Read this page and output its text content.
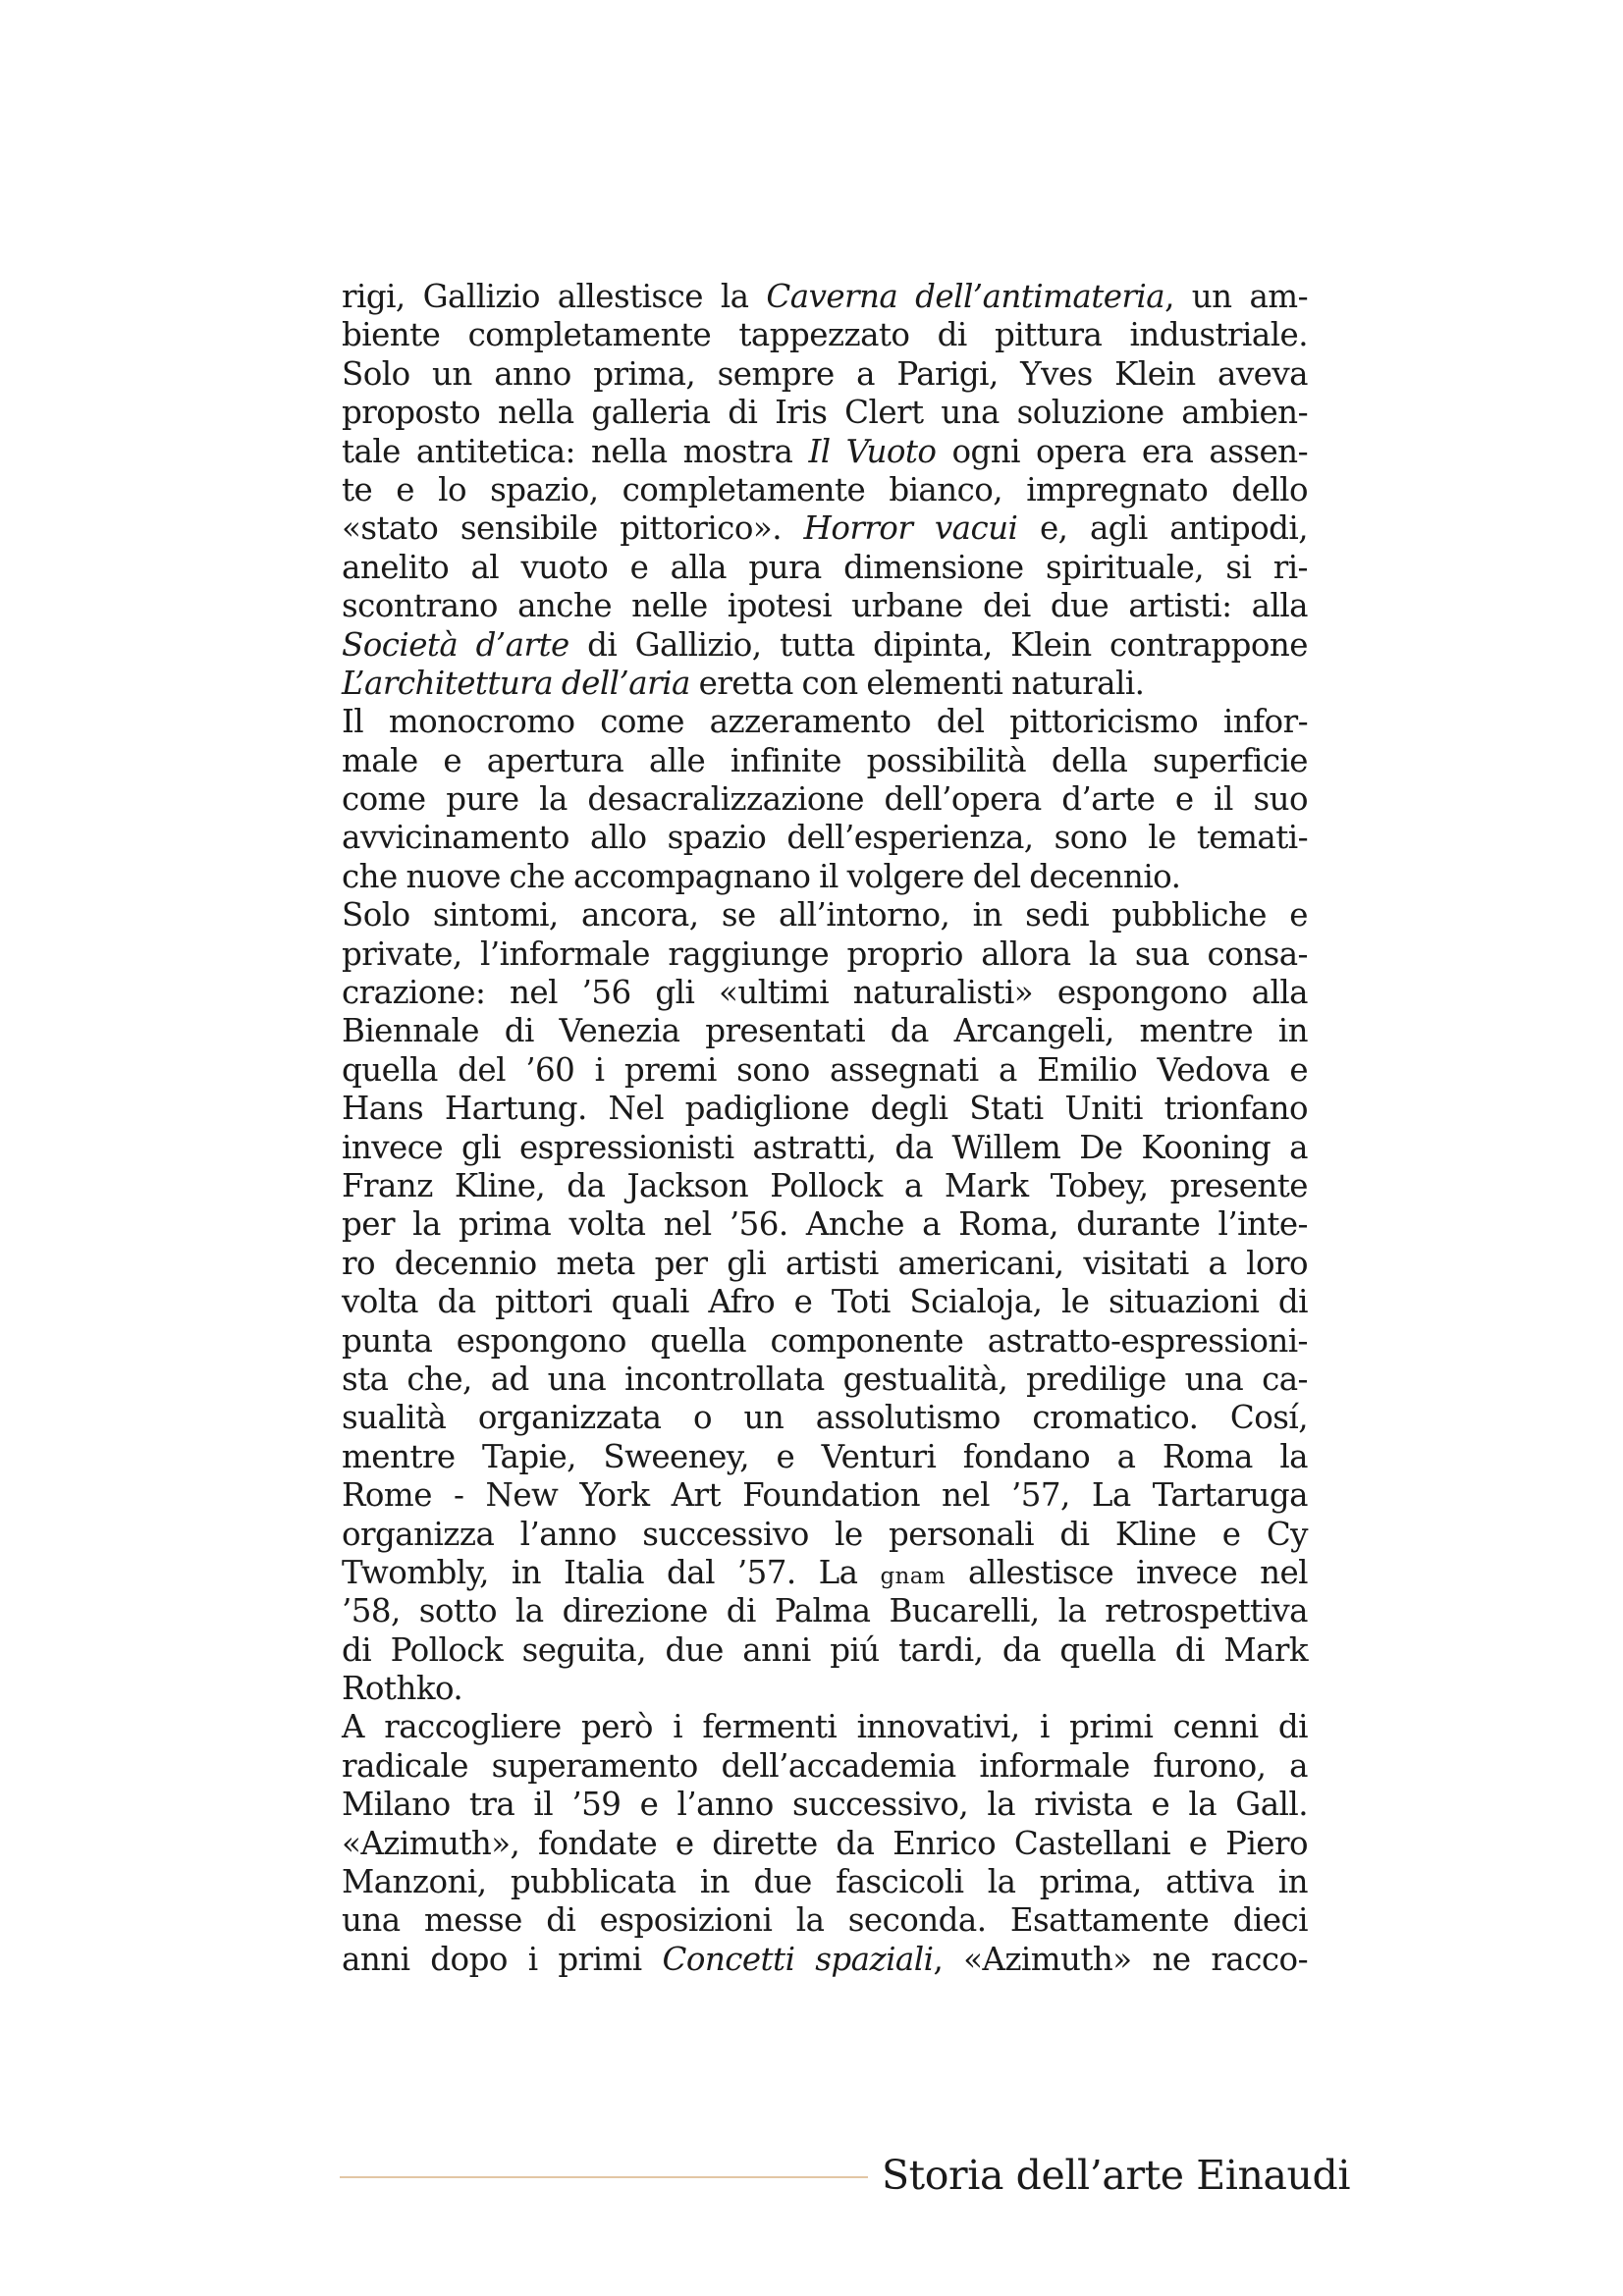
rigi, Gallizio allestisce la Caverna dell’antimateria, un am-
biente completamente tappezzato di pittura industriale.
Solo un anno prima, sempre a Parigi, Yves Klein aveva
proposto nella galleria di Iris Clert una soluzione ambien-
tale antitetica: nella mostra Il Vuoto ogni opera era assen-
te e lo spazio, completamente bianco, impregnato dello
«stato sensibile pittorico». Horror vacui e, agli antipodi,
anelito al vuoto e alla pura dimensione spirituale, si ri-
scontrano anche nelle ipotesi urbane dei due artisti: alla
Società d’arte di Gallizio, tutta dipinta, Klein contrappone
L’architettura dell’aria eretta con elementi naturali.
Il monocromo come azzeramento del pittoricismo infor-
male e apertura alle infinite possibilità della superficie
come pure la desacralizzazione dell’opera d’arte e il suo
avvicinamento allo spazio dell’esperienza, sono le temati-
che nuove che accompagnano il volgere del decennio.
Solo sintomi, ancora, se all’intorno, in sedi pubbliche e
private, l’informale raggiunge proprio allora la sua consa-
crazione: nel ’56 gli «ultimi naturalisti» espongono alla
Biennale di Venezia presentati da Arcangeli, mentre in
quella del ’60 i premi sono assegnati a Emilio Vedova e
Hans Hartung. Nel padiglione degli Stati Uniti trionfano
invece gli espressionisti astratti, da Willem De Kooning a
Franz Kline, da Jackson Pollock a Mark Tobey, presente
per la prima volta nel ’56. Anche a Roma, durante l’inte-
ro decennio meta per gli artisti americani, visitati a loro
volta da pittori quali Afro e Toti Scialoja, le situazioni di
punta espongono quella componente astratto-espressioni-
sta che, ad una incontrollata gestualità, predilige una ca-
sualità organizzata o un assolutismo cromatico. Cosí,
mentre Tapie, Sweeney, e Venturi fondano a Roma la
Rome - New York Art Foundation nel ’57, La Tartaruga
organizza l’anno successivo le personali di Kline e Cy
Twombly, in Italia dal ’57. La gnam allestisce invece nel
’58, sotto la direzione di Palma Bucarelli, la retrospettiva
di Pollock seguita, due anni piú tardi, da quella di Mark
Rothko.
A raccogliere però i fermenti innovativi, i primi cenni di
radicale superamento dell’accademia informale furono, a
Milano tra il ’59 e l’anno successivo, la rivista e la Gall.
«Azimuth», fondate e dirette da Enrico Castellani e Piero
Manzoni, pubblicata in due fascicoli la prima, attiva in
una messe di esposizioni la seconda. Esattamente dieci
anni dopo i primi Concetti spaziali, «Azimuth» ne racco-
Storia dell’arte Einaudi
